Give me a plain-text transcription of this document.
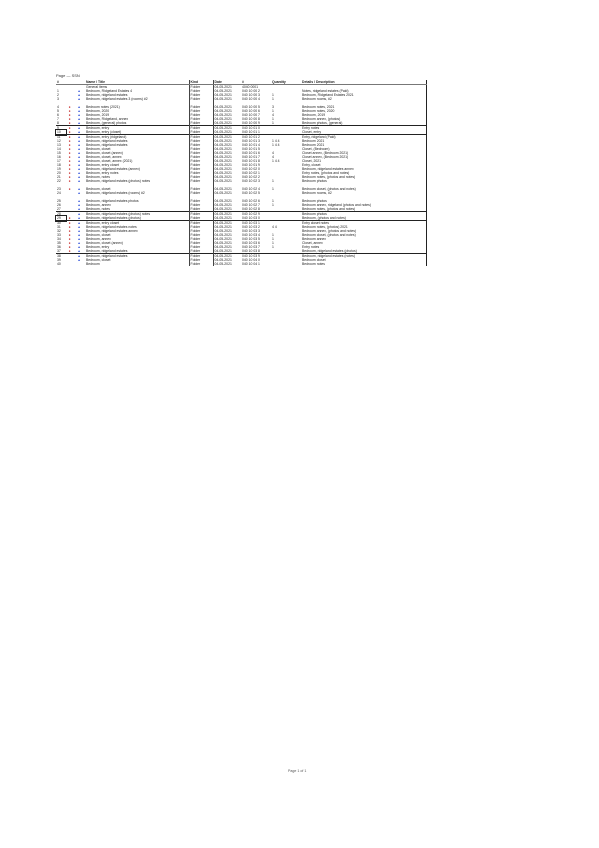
Page — SSN
#			Name / Title	Kind	Date	#	Quantity	Details / Description
			General items	Folder	04-05-2021	4040 0001		
1		▲	Bedroom, Ridgeland Estates 4	Folder	04-05-2021	040 10 00 2		Notes, ridgeland estates (Paid)
2		▲	Bedroom, ridgeland estates	Folder	04-05-2021	040 10 00 3	1	Bedroom, Ridgeland Estates 2021
3		▲	Bedroom, ridgeland estates 3 (rooms) #2	Folder	04-05-2021	040 10 00 4	1	Bedroom rooms, #2

4	●	▲	Bedroom notes (2021)	Folder	04-05-2021	040 10 00 5	3	Bedroom notes, 2021
5	●	▲	Bedroom, 2020	Folder	04-05-2021	040 10 00 6	1	Bedroom notes, 2020
6	●	▲	Bedroom, 2019	Folder	04-05-2021	040 10 00 7	4	Bedroom, 2019
7	●	▲	Bedroom, Ridgeland, annex	Folder	04-05-2021	040 10 00 8	1	Bedroom annex, (photos)
8	●	▲	Bedroom, (general) photos	Folder	04-05-2021	040 10 00 9	1	Bedroom photos, (general)
9	●	▲	Bedroom, entry	Folder	04-05-2021	040 10 01 0		Entry notes
10	●	▲	Bedroom, entry (closet)	Folder	04-05-2021	040 10 01 1		Closet, entry
11	●	▲	Bedroom, entry (ridgeland)	Folder	04-05-2021	040 10 01 2		Entry, ridgeland (Paid)
12	●	▲	Bedroom, ridgeland estates	Folder	04-05-2021	040 10 01 3	1 4 4	Bedroom 2021
13	●	▲	Bedroom, ridgeland estates	Folder	04-05-2021	040 10 01 4	1 4 4	Bedroom 2021
14	●	▲	Bedroom, closet	Folder	04-05-2021	040 10 01 5		Closet, (Bedroom)
15	●	▲	Bedroom, closet (annex)	Folder	04-05-2021	040 10 01 6	4	Closet annex, (Bedroom 2021)
16	●	▲	Bedroom, closet, annex	Folder	04-05-2021	040 10 01 7	4	Closet annex, (Bedroom 2021)
17	●	▲	Bedroom, closet, annex (2021)	Folder	04-05-2021	040 10 01 8	1 4 4	Closet, 2021
18	●	▲	Bedroom, entry closet	Folder	04-05-2021	040 10 01 9		Entry, closet
19	●	▲	Bedroom, ridgeland estates (annex)	Folder	04-05-2021	040 10 02 0		Bedroom, ridgeland estates annex
20	●	▲	Bedroom, entry notes	Folder	04-05-2021	040 10 02 1		Entry notes, (photos and notes)
21	●	▲	Bedroom, notes	Folder	04-05-2021	040 10 02 2		Bedroom notes, (photos and notes)
22	●	▲	Bedroom, ridgeland estates (photos) notes	Folder	04-05-2021	040 10 02 3	1	Bedroom photos

23	●	▲	Bedroom, closet	Folder	04-05-2021	040 10 02 4	1	Bedroom closet, (photos and notes)
24		▲	Bedroom, ridgeland estates (rooms) #2	Folder	04-05-2021	040 10 02 5		Bedroom rooms, #2

25		▲	Bedroom, ridgeland estates photos	Folder	04-05-2021	040 10 02 6	1	Bedroom photos
26		▲	Bedroom, annex	Folder	04-05-2021	040 10 02 7	1	Bedroom annex, ridgeland (photos and notes)
27		▲	Bedroom, notes	Folder	04-05-2021	040 10 02 8		Bedroom notes, (photos and notes)
28		▲	Bedroom, ridgeland estates (photos) notes	Folder	04-05-2021	040 10 02 9		Bedroom photos
29	●	▲	Bedroom, ridgeland estates (photos)	Folder	04-05-2021	040 10 03 0		Bedroom, (photos and notes)
30	●	▲	Bedroom, entry closet	Folder	04-05-2021	040 10 03 1		Entry closet notes
31	●	▲	Bedroom, ridgeland estates notes	Folder	04-05-2021	040 10 03 2	4 4	Bedroom notes, (photos) 2021
32	●	▲	Bedroom, ridgeland estates annex	Folder	04-05-2021	040 10 03 3		Bedroom annex, (photos and notes)
33	●	▲	Bedroom, closet	Folder	04-05-2021	040 10 03 4	1	Bedroom closet, (photos and notes)
34	●	▲	Bedroom, annex	Folder	04-05-2021	040 10 03 5	1	Bedroom annex
35	●	▲	Bedroom, closet (annex)	Folder	04-05-2021	040 10 03 6	1	Closet, annex
36	●	▲	Bedroom, entry	Folder	04-05-2021	040 10 03 7	1	Entry notes
37	●	▲	Bedroom, ridgeland estates	Folder	04-05-2021	040 10 03 8		Bedroom, ridgeland estates (photos)
38		▲	Bedroom, ridgeland estates	Folder	04-05-2021	040 10 03 9		Bedroom, ridgeland estates (notes)
39		▲	Bedroom, closet	Folder	04-05-2021	040 10 04 0		Bedroom closet
40			Bedroom	Folder	04-05-2021	040 10 04 1		Bedroom notes
Page 1 of 1
